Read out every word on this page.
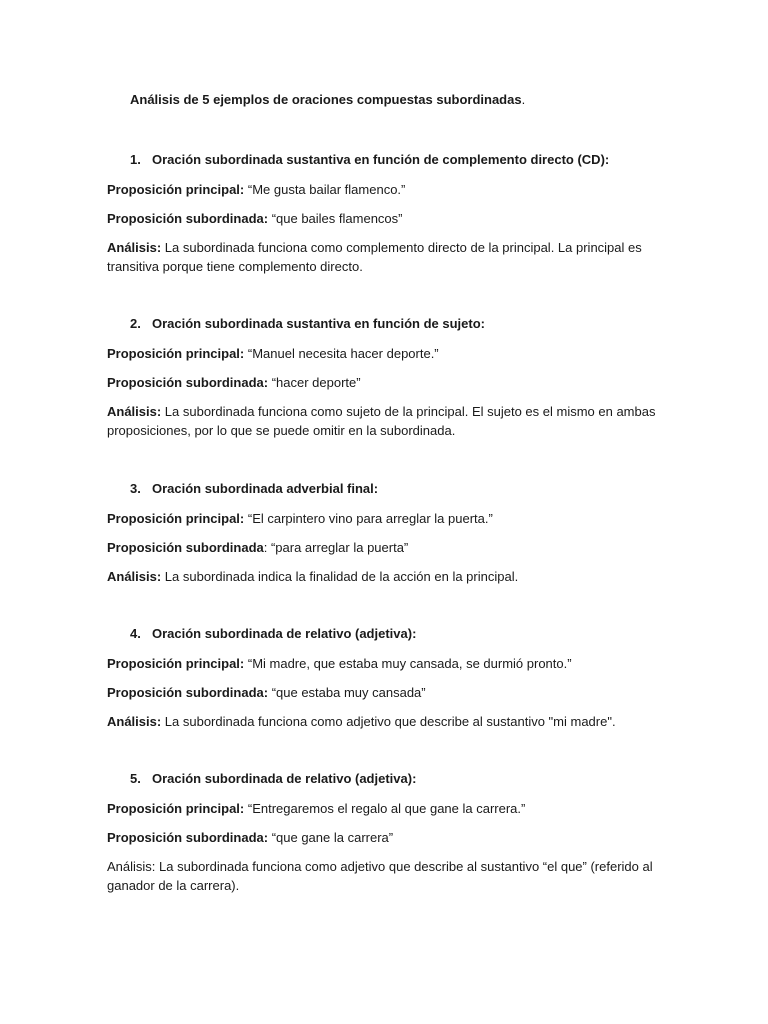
Análisis de 5 ejemplos de oraciones compuestas subordinadas.
1. Oración subordinada sustantiva en función de complemento directo (CD):

Proposición principal: “Me gusta bailar flamenco.”

Proposición subordinada: “que bailes flamencos”

Análisis: La subordinada funciona como complemento directo de la principal. La principal es transitiva porque tiene complemento directo.

2. Oración subordinada sustantiva en función de sujeto:

Proposición principal: “Manuel necesita hacer deporte.”

Proposición subordinada: “hacer deporte”

Análisis: La subordinada funciona como sujeto de la principal. El sujeto es el mismo en ambas proposiciones, por lo que se puede omitir en la subordinada.

3. Oración subordinada adverbial final:

Proposición principal: “El carpintero vino para arreglar la puerta.”

Proposición subordinada: “para arreglar la puerta”

Análisis: La subordinada indica la finalidad de la acción en la principal.

4. Oración subordinada de relativo (adjetiva):

Proposición principal: “Mi madre, que estaba muy cansada, se durmió pronto.”

Proposición subordinada: “que estaba muy cansada”

Análisis: La subordinada funciona como adjetivo que describe al sustantivo "mi madre".

5. Oración subordinada de relativo (adjetiva):

Proposición principal: “Entregaremos el regalo al que gane la carrera.”

Proposición subordinada: “que gane la carrera”

Análisis: La subordinada funciona como adjetivo que describe al sustantivo “el que” (referido al ganador de la carrera).
